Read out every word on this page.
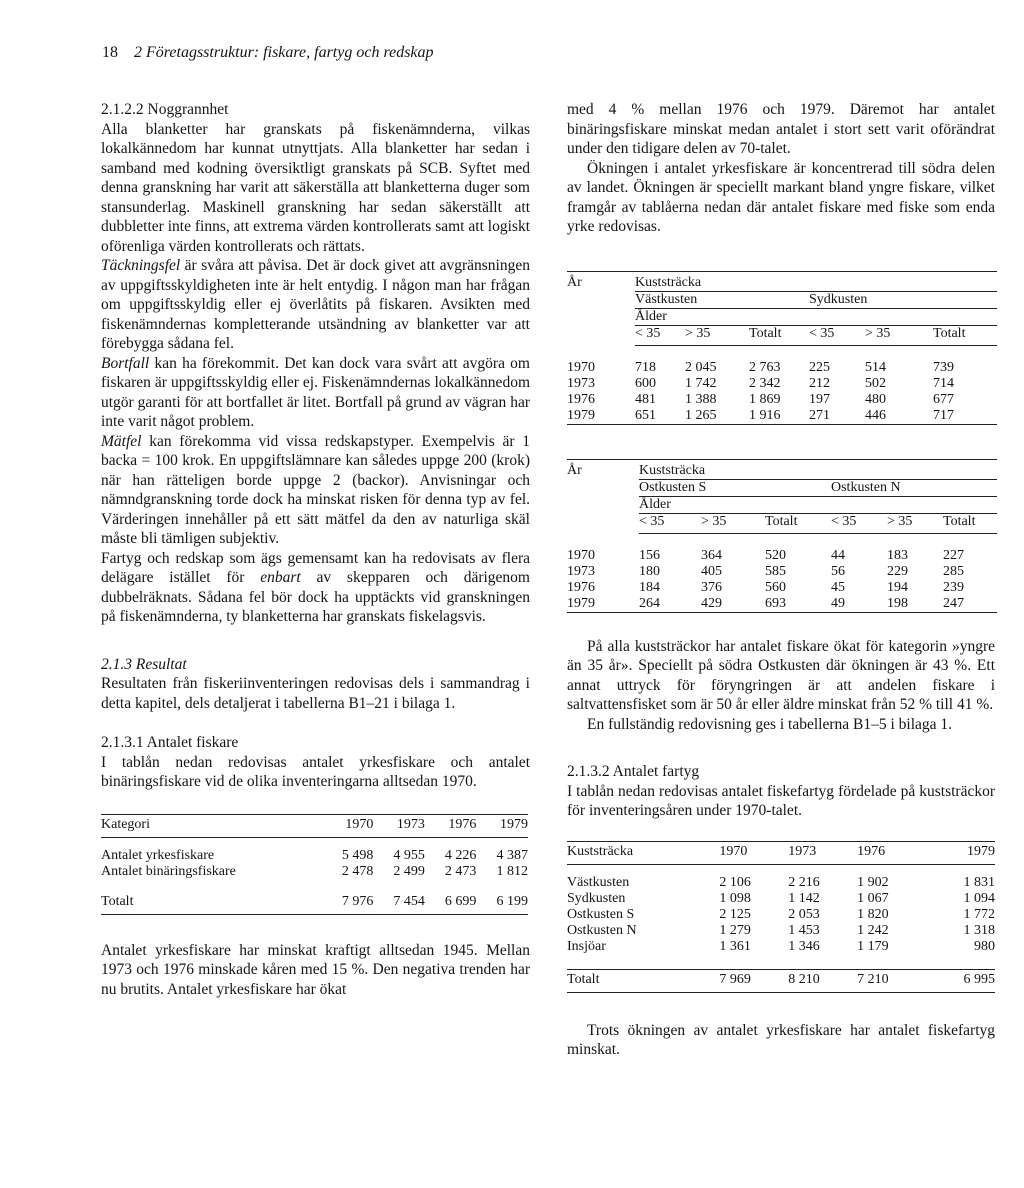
18 2 Företagsstruktur: fiskare, fartyg och redskap

2.1.2.2 Noggrannhet

Alla blanketter har granskats på fiskenämnderna, vilkas lokalkännedom har kunnat utnyttjats. Alla blanketter har sedan i samband med kodning översiktligt granskats på SCB. Syftet med denna granskning har varit att säkerställa att blanketterna duger som stansunderlag. Maskinell granskning har sedan säkerställt att dubbletter inte finns, att extrema värden kontrollerats samt att logiskt oförenliga värden kontrollerats och rättats.

Täckningsfel är svåra att påvisa. Det är dock givet att avgränsningen av uppgiftsskyldigheten inte är helt entydig. I någon man har frågan om uppgiftsskyldig eller ej överlåtits på fiskaren. Avsikten med fiskenämndernas kompletterande utsändning av blanketter var att förebygga sådana fel.

Bortfall kan ha förekommit. Det kan dock vara svårt att avgöra om fiskaren är uppgiftsskyldig eller ej. Fiskenämndernas lokalkännedom utgör garanti för att bortfallet är litet. Bortfall på grund av vägran har inte varit något problem.

Mätfel kan förekomma vid vissa redskapstyper. Exempelvis är 1 backa = 100 krok. En uppgiftslämnare kan således uppge 200 (krok) när han rätteligen borde uppge 2 (backor). Anvisningar och nämndgranskning torde dock ha minskat risken för denna typ av fel. Värderingen innehåller på ett sätt mätfel da den av naturliga skäl måste bli tämligen subjektiv.

Fartyg och redskap som ägs gemensamt kan ha redovisats av flera delägare istället för enbart av skepparen och därigenom dubbelräknats. Sådana fel bör dock ha upptäckts vid granskningen på fiskenämnderna, ty blanketterna har granskats fiskelagsvis.

2.1.3 Resultat

Resultaten från fiskeriinventeringen redovisas dels i sammandrag i detta kapitel, dels detaljerat i tabellerna B1–21 i bilaga 1.

2.1.3.1 Antalet fiskare

I tablån nedan redovisas antalet yrkesfiskare och antalet binäringsfiskare vid de olika inventeringarna alltsedan 1970.

Kategori	1970	1973	1976	1979

Antalet yrkesfiskare	5 498	4 955	4 226	4 387
Antalet binäringsfiskare	2 478	2 499	2 473	1 812

Totalt	7 976	7 454	6 699	6 199

Antalet yrkesfiskare har minskat kraftigt alltsedan 1945. Mellan 1973 och 1976 minskade kåren med 15 %. Den negativa trenden har nu brutits. Antalet yrkesfiskare har ökat

med 4 % mellan 1976 och 1979. Däremot har antalet binäringsfiskare minskat medan antalet i stort sett varit oförändrat under den tidigare delen av 70-talet.

Ökningen i antalet yrkesfiskare är koncentrerad till södra delen av landet. Ökningen är speciellt markant bland yngre fiskare, vilket framgår av tablåerna nedan där antalet fiskare med fiske som enda yrke redovisas.

År	Kuststräcka					
	Västkusten			Sydkusten		
	Ålder					
	< 35	> 35	Totalt	< 35	> 35	Totalt

1970	718	2 045	2 763	225	514	739
1973	600	1 742	2 342	212	502	714
1976	481	1 388	1 869	197	480	677
1979	651	1 265	1 916	271	446	717
År	Kuststräcka					
	Ostkusten S			Ostkusten N		
	Ålder					
	< 35	> 35	Totalt	< 35	> 35	Totalt

1970	156	364	520	44	183	227
1973	180	405	585	56	229	285
1976	184	376	560	45	194	239
1979	264	429	693	49	198	247

På alla kuststräckor har antalet fiskare ökat för kategorin »yngre än 35 år». Speciellt på södra Ostkusten där ökningen är 43 %. Ett annat uttryck för föryngringen är att andelen fiskare i saltvattensfisket som är 50 år eller äldre minskat från 52 % till 41 %.

En fullständig redovisning ges i tabellerna B1–5 i bilaga 1.

2.1.3.2 Antalet fartyg

I tablån nedan redovisas antalet fiskefartyg fördelade på kuststräckor för inventeringsåren under 1970-talet.

Kuststräcka	1970	1973	1976	1979

Västkusten	2 106	2 216	1 902	1 831
Sydkusten	1 098	1 142	1 067	1 094
Ostkusten S	2 125	2 053	1 820	1 772
Ostkusten N	1 279	1 453	1 242	1 318
Insjöar	1 361	1 346	1 179	980

Totalt	7 969	8 210	7 210	6 995

Trots ökningen av antalet yrkesfiskare har antalet fiskefartyg minskat.
